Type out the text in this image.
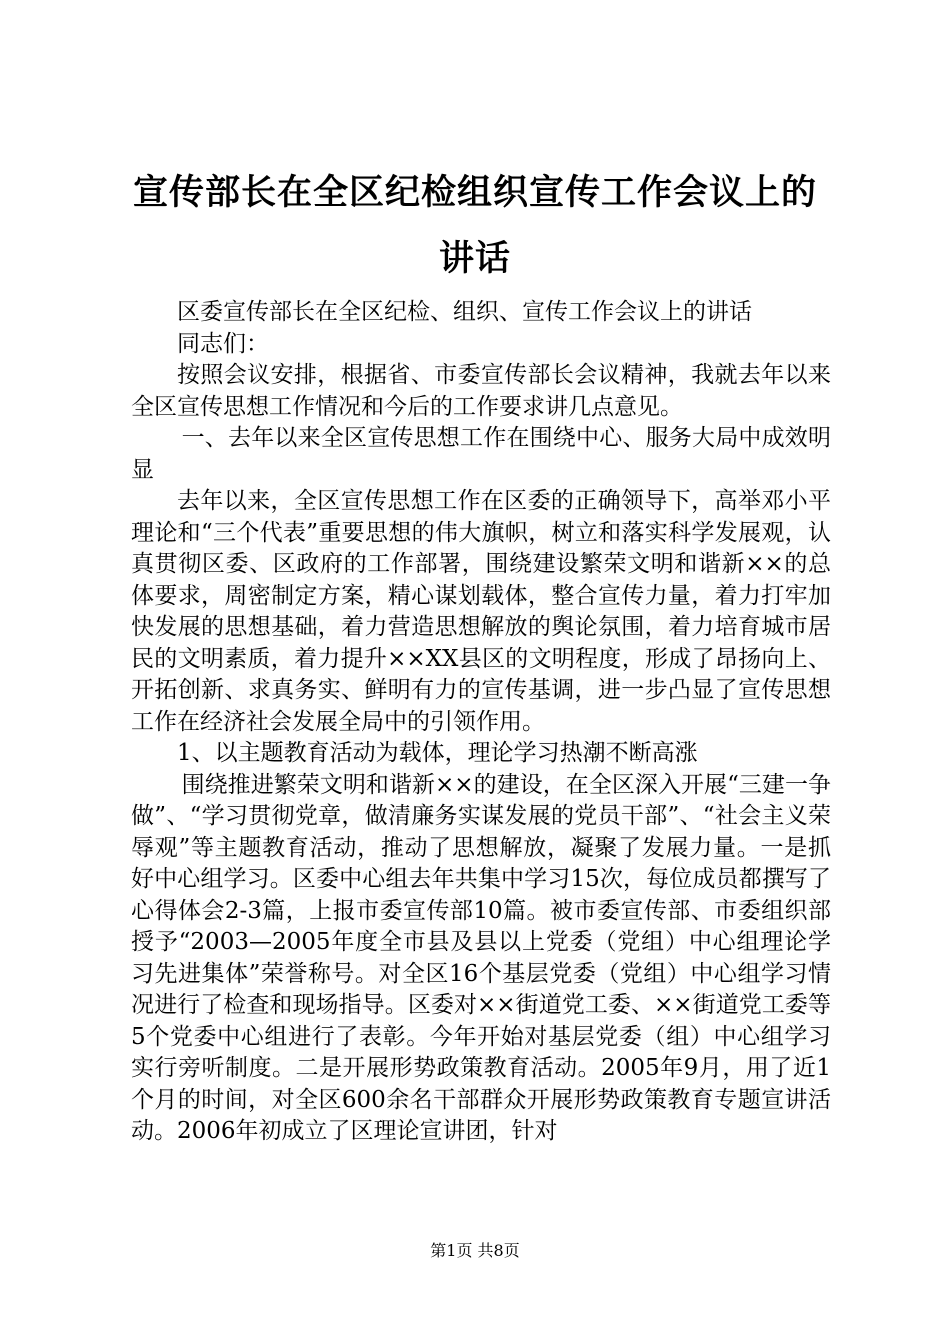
宣传部长在全区纪检组织宣传工作会议上的讲话

区委宣传部长在全区纪检、组织、宣传工作会议上的讲话

同志们：

按照会议安排，根据省、市委宣传部长会议精神，我就去年以来全区宣传思想工作情况和今后的工作要求讲几点意见。

一、去年以来全区宣传思想工作在围绕中心、服务大局中成效明显

去年以来，全区宣传思想工作在区委的正确领导下，高举邓小平理论和“三个代表”重要思想的伟大旗帜，树立和落实科学发展观，认真贯彻区委、区政府的工作部署，围绕建设繁荣文明和谐新××的总体要求，周密制定方案，精心谋划载体，整合宣传力量，着力打牢加快发展的思想基础，着力营造思想解放的舆论氛围，着力培育城市居民的文明素质，着力提升××XX县区的文明程度，形成了昂扬向上、开拓创新、求真务实、鲜明有力的宣传基调，进一步凸显了宣传思想工作在经济社会发展全局中的引领作用。

1、以主题教育活动为载体，理论学习热潮不断高涨

围绕推进繁荣文明和谐新××的建设，在全区深入开展“三建一争做”、“学习贯彻党章，做清廉务实谋发展的党员干部”、“社会主义荣辱观”等主题教育活动，推动了思想解放，凝聚了发展力量。一是抓好中心组学习。区委中心组去年共集中学习15次，每位成员都撰写了心得体会2-3篇，上报市委宣传部10篇。被市委宣传部、市委组织部授予“2003—2005年度全市县及县以上党委（党组）中心组理论学习先进集体”荣誉称号。对全区16个基层党委（党组）中心组学习情况进行了检查和现场指导。区委对××街道党工委、××街道党工委等5个党委中心组进行了表彰。今年开始对基层党委（组）中心组学习实行旁听制度。二是开展形势政策教育活动。2005年9月，用了近1个月的时间，对全区600余名干部群众开展形势政策教育专题宣讲活动。2006年初成立了区理论宣讲团，针对

第1页 共8页
